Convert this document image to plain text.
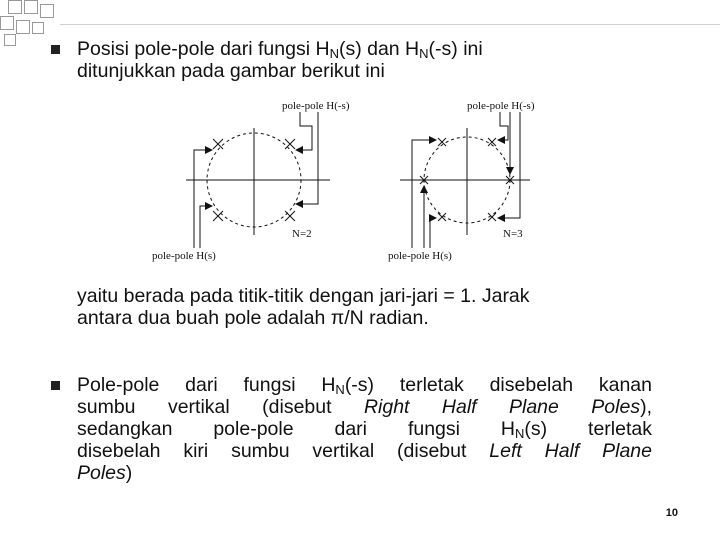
Posisi pole-pole dari fungsi $H_N(s)$ dan $H_N(-s)$ ini
ditunjukkan pada gambar berikut ini

pole-pole H(-s)
pole-pole H(s)
N=2
pole-pole H(-s)
pole-pole H(s)
N=3

yaitu berada pada titik-titik dengan jari-jari = 1. Jarak
antara dua buah pole adalah π/N radian.

Pole-pole dari fungsi $H_N(-s)$ terletak disebelah kanan
sumbu vertikal (disebut Right Half Plane Poles),
sedangkan pole-pole dari fungsi $H_N(s)$ terletak
disebelah kiri sumbu vertikal (disebut Left Half Plane
Poles)
10
